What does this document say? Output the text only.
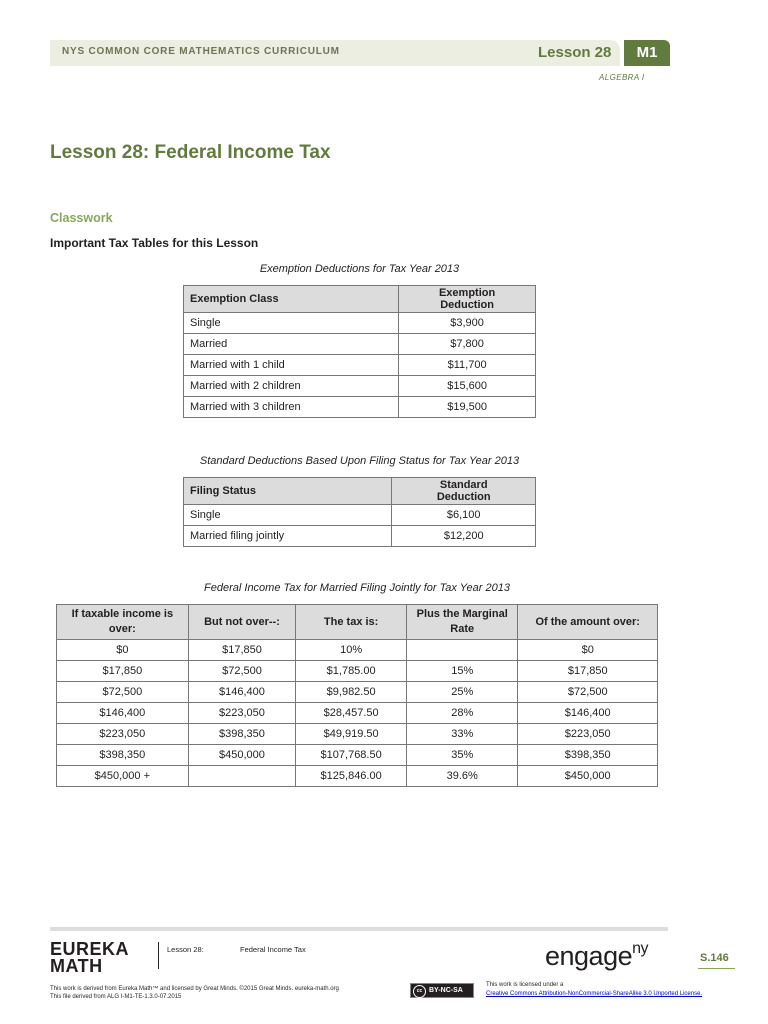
NYS COMMON CORE MATHEMATICS CURRICULUM	Lesson 28	M1
ALGEBRA I
Lesson 28: Federal Income Tax
Classwork
Important Tax Tables for this Lesson
Exemption Deductions for Tax Year 2013
Exemption Class	Exemption Deduction
Single	$3,900
Married	$7,800
Married with 1 child	$11,700
Married with 2 children	$15,600
Married with 3 children	$19,500
Standard Deductions Based Upon Filing Status for Tax Year 2013
Filing Status	Standard Deduction
Single	$6,100
Married filing jointly	$12,200
Federal Income Tax for Married Filing Jointly for Tax Year 2013
If taxable income is over:	But not over--:	The tax is:	Plus the Marginal Rate	Of the amount over:
$0	$17,850	10%		$0
$17,850	$72,500	$1,785.00	15%	$17,850
$72,500	$146,400	$9,982.50	25%	$72,500
$146,400	$223,050	$28,457.50	28%	$146,400
$223,050	$398,350	$49,919.50	33%	$223,050
$398,350	$450,000	$107,768.50	35%	$398,350
$450,000 +		$125,846.00	39.6%	$450,000
EUREKA
MATH
Lesson 28:	Federal Income Tax	engage$^{ny}$
S.146
This work is derived from Eureka Math™ and licensed by Great Minds. ©2015 Great Minds. eureka-math.org
This file derived from ALG I-M1-TE-1.3.0-07.2015
cc BY-NC-SA
This work is licensed under a
Creative Commons Attribution-NonCommercial-ShareAlike 3.0 Unported License.
